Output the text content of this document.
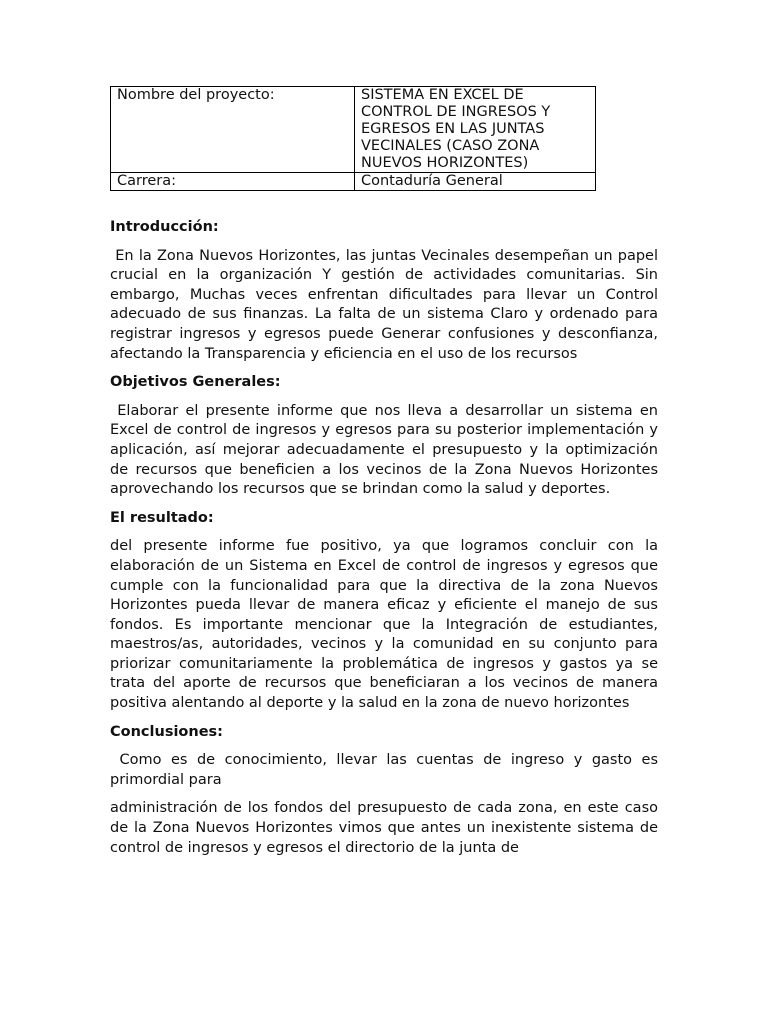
Nombre del proyecto:	SISTEMA EN EXCEL DE CONTROL DE INGRESOS Y EGRESOS EN LAS JUNTAS VECINALES (CASO ZONA NUEVOS HORIZONTES)
Carrera:	Contaduría General
Introducción:

En la Zona Nuevos Horizontes, las juntas Vecinales desempeñan un papel crucial en la organización Y gestión de actividades comunitarias. Sin embargo, Muchas veces enfrentan dificultades para llevar un Control adecuado de sus finanzas. La falta de un sistema Claro y ordenado para registrar ingresos y egresos puede Generar confusiones y desconfianza, afectando la Transparencia y eficiencia en el uso de los recursos

Objetivos Generales:

Elaborar el presente informe que nos lleva a desarrollar un sistema en Excel de control de ingresos y egresos para su posterior implementación y aplicación, así mejorar adecuadamente el presupuesto y la optimización de recursos que beneficien a los vecinos de la Zona Nuevos Horizontes aprovechando los recursos que se brindan como la salud y deportes.

El resultado:

del presente informe fue positivo, ya que logramos concluir con la elaboración de un Sistema en Excel de control de ingresos y egresos que cumple con la funcionalidad para que la directiva de la zona Nuevos Horizontes pueda llevar de manera eficaz y eficiente el manejo de sus fondos. Es importante mencionar que la Integración de estudiantes, maestros/as, autoridades, vecinos y la comunidad en su conjunto para priorizar comunitariamente la problemática de ingresos y gastos ya se trata del aporte de recursos que beneficiaran a los vecinos de manera positiva alentando al deporte y la salud en la zona de nuevo horizontes

Conclusiones:

Como es de conocimiento, llevar las cuentas de ingreso y gasto es primordial para

administración de los fondos del presupuesto de cada zona, en este caso de la Zona Nuevos Horizontes vimos que antes un inexistente sistema de control de ingresos y egresos el directorio de la junta de
